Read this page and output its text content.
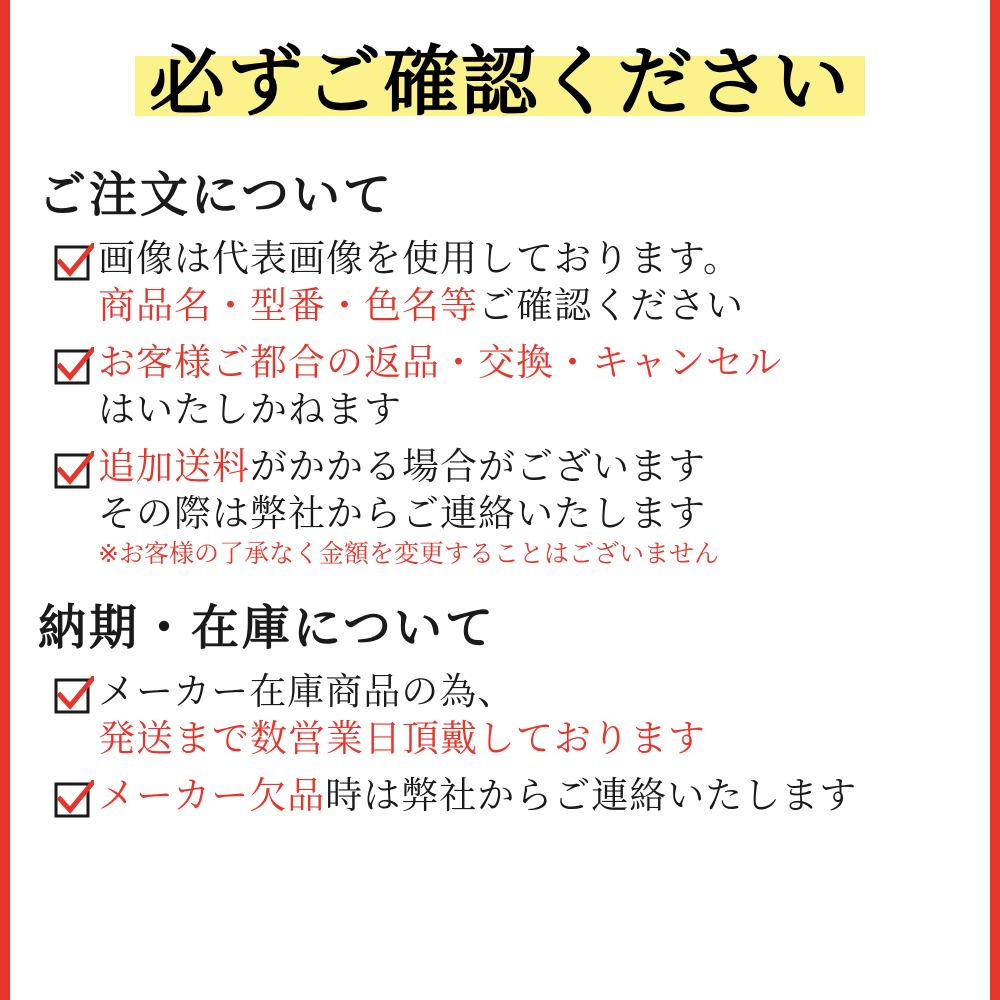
必ずご確認ください
ご注文について
画像は代表画像を使用しております。 商品名・型番・色名等ご確認ください
お客様ご都合の返品・交換・キャンセル はいたしかねます
追加送料がかかる場合がございます その際は弊社からご連絡いたします ※お客様の了承なく金額を変更することはございません
納期・在庫について
メーカー在庫商品の為、 発送まで数営業日頂戴しております
メーカー欠品時は弊社からご連絡いたします
